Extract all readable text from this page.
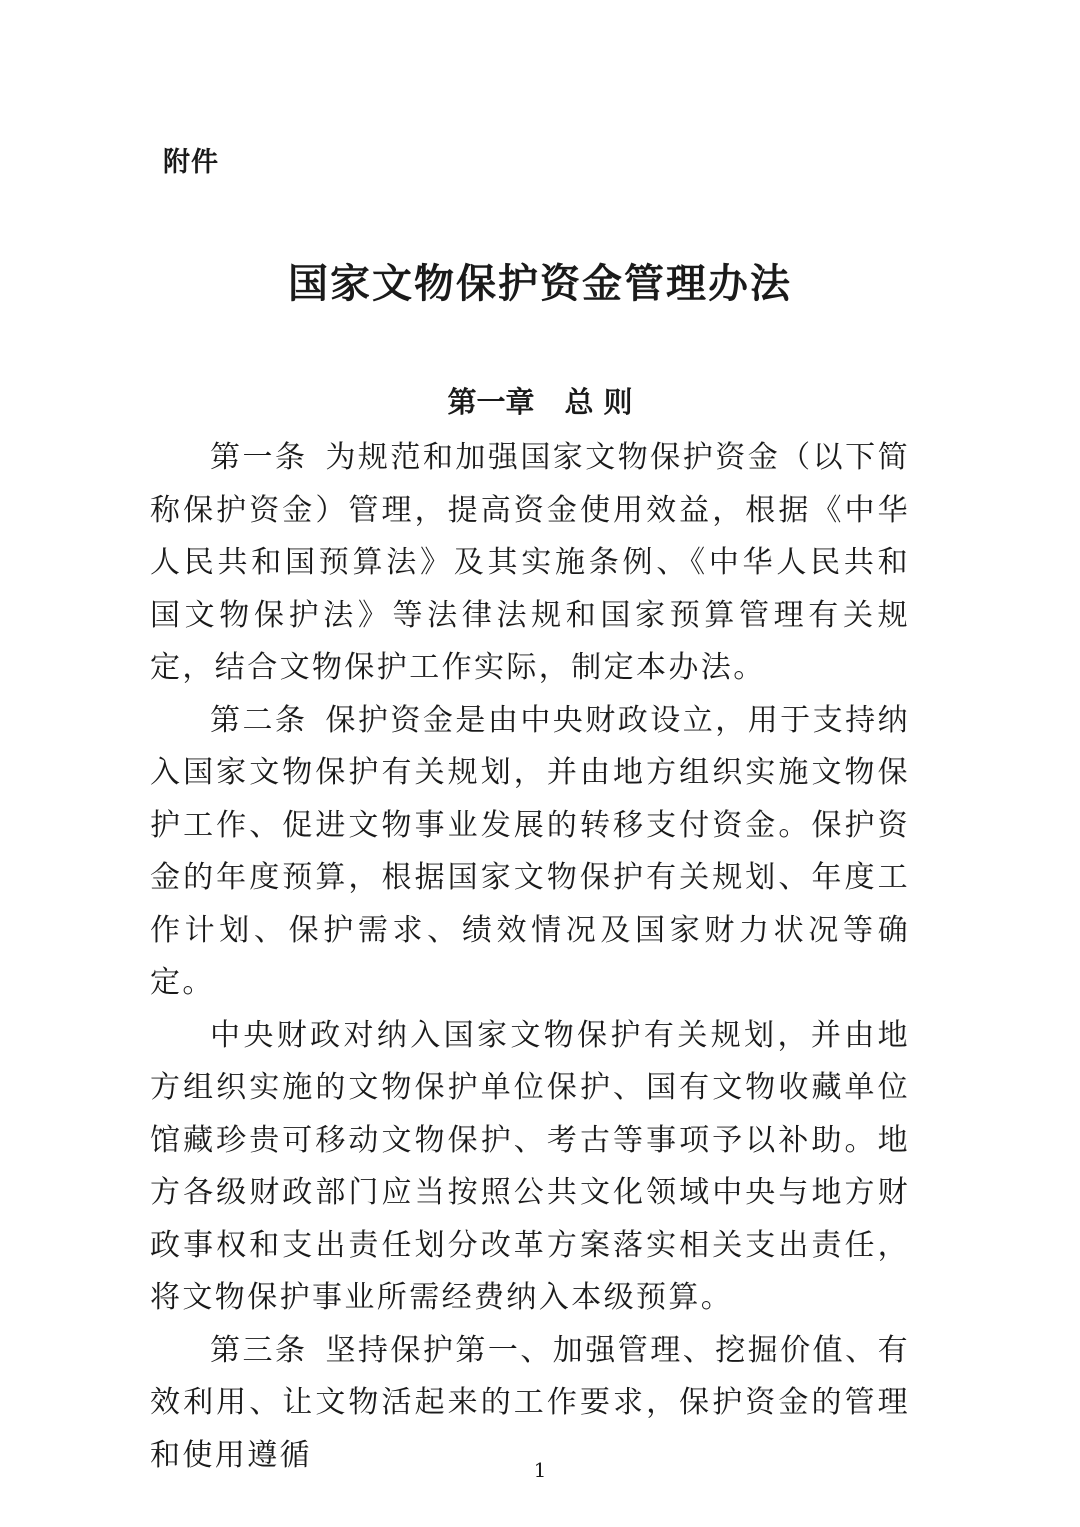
附件
国家文物保护资金管理办法
第一章 总 则

第一条 为规范和加强国家文物保护资金（以下简称保护资金）管理，提高资金使用效益，根据《中华人民共和国预算法》及其实施条例、《中华人民共和国文物保护法》等法律法规和国家预算管理有关规定，结合文物保护工作实际，制定本办法。

第二条 保护资金是由中央财政设立，用于支持纳入国家文物保护有关规划，并由地方组织实施文物保护工作、促进文物事业发展的转移支付资金。保护资金的年度预算，根据国家文物保护有关规划、年度工作计划、保护需求、绩效情况及国家财力状况等确定。

中央财政对纳入国家文物保护有关规划，并由地方组织实施的文物保护单位保护、国有文物收藏单位馆藏珍贵可移动文物保护、考古等事项予以补助。地方各级财政部门应当按照公共文化领域中央与地方财政事权和支出责任划分改革方案落实相关支出责任，将文物保护事业所需经费纳入本级预算。

第三条 坚持保护第一、加强管理、挖掘价值、有效利用、让文物活起来的工作要求，保护资金的管理和使用遵循	1
